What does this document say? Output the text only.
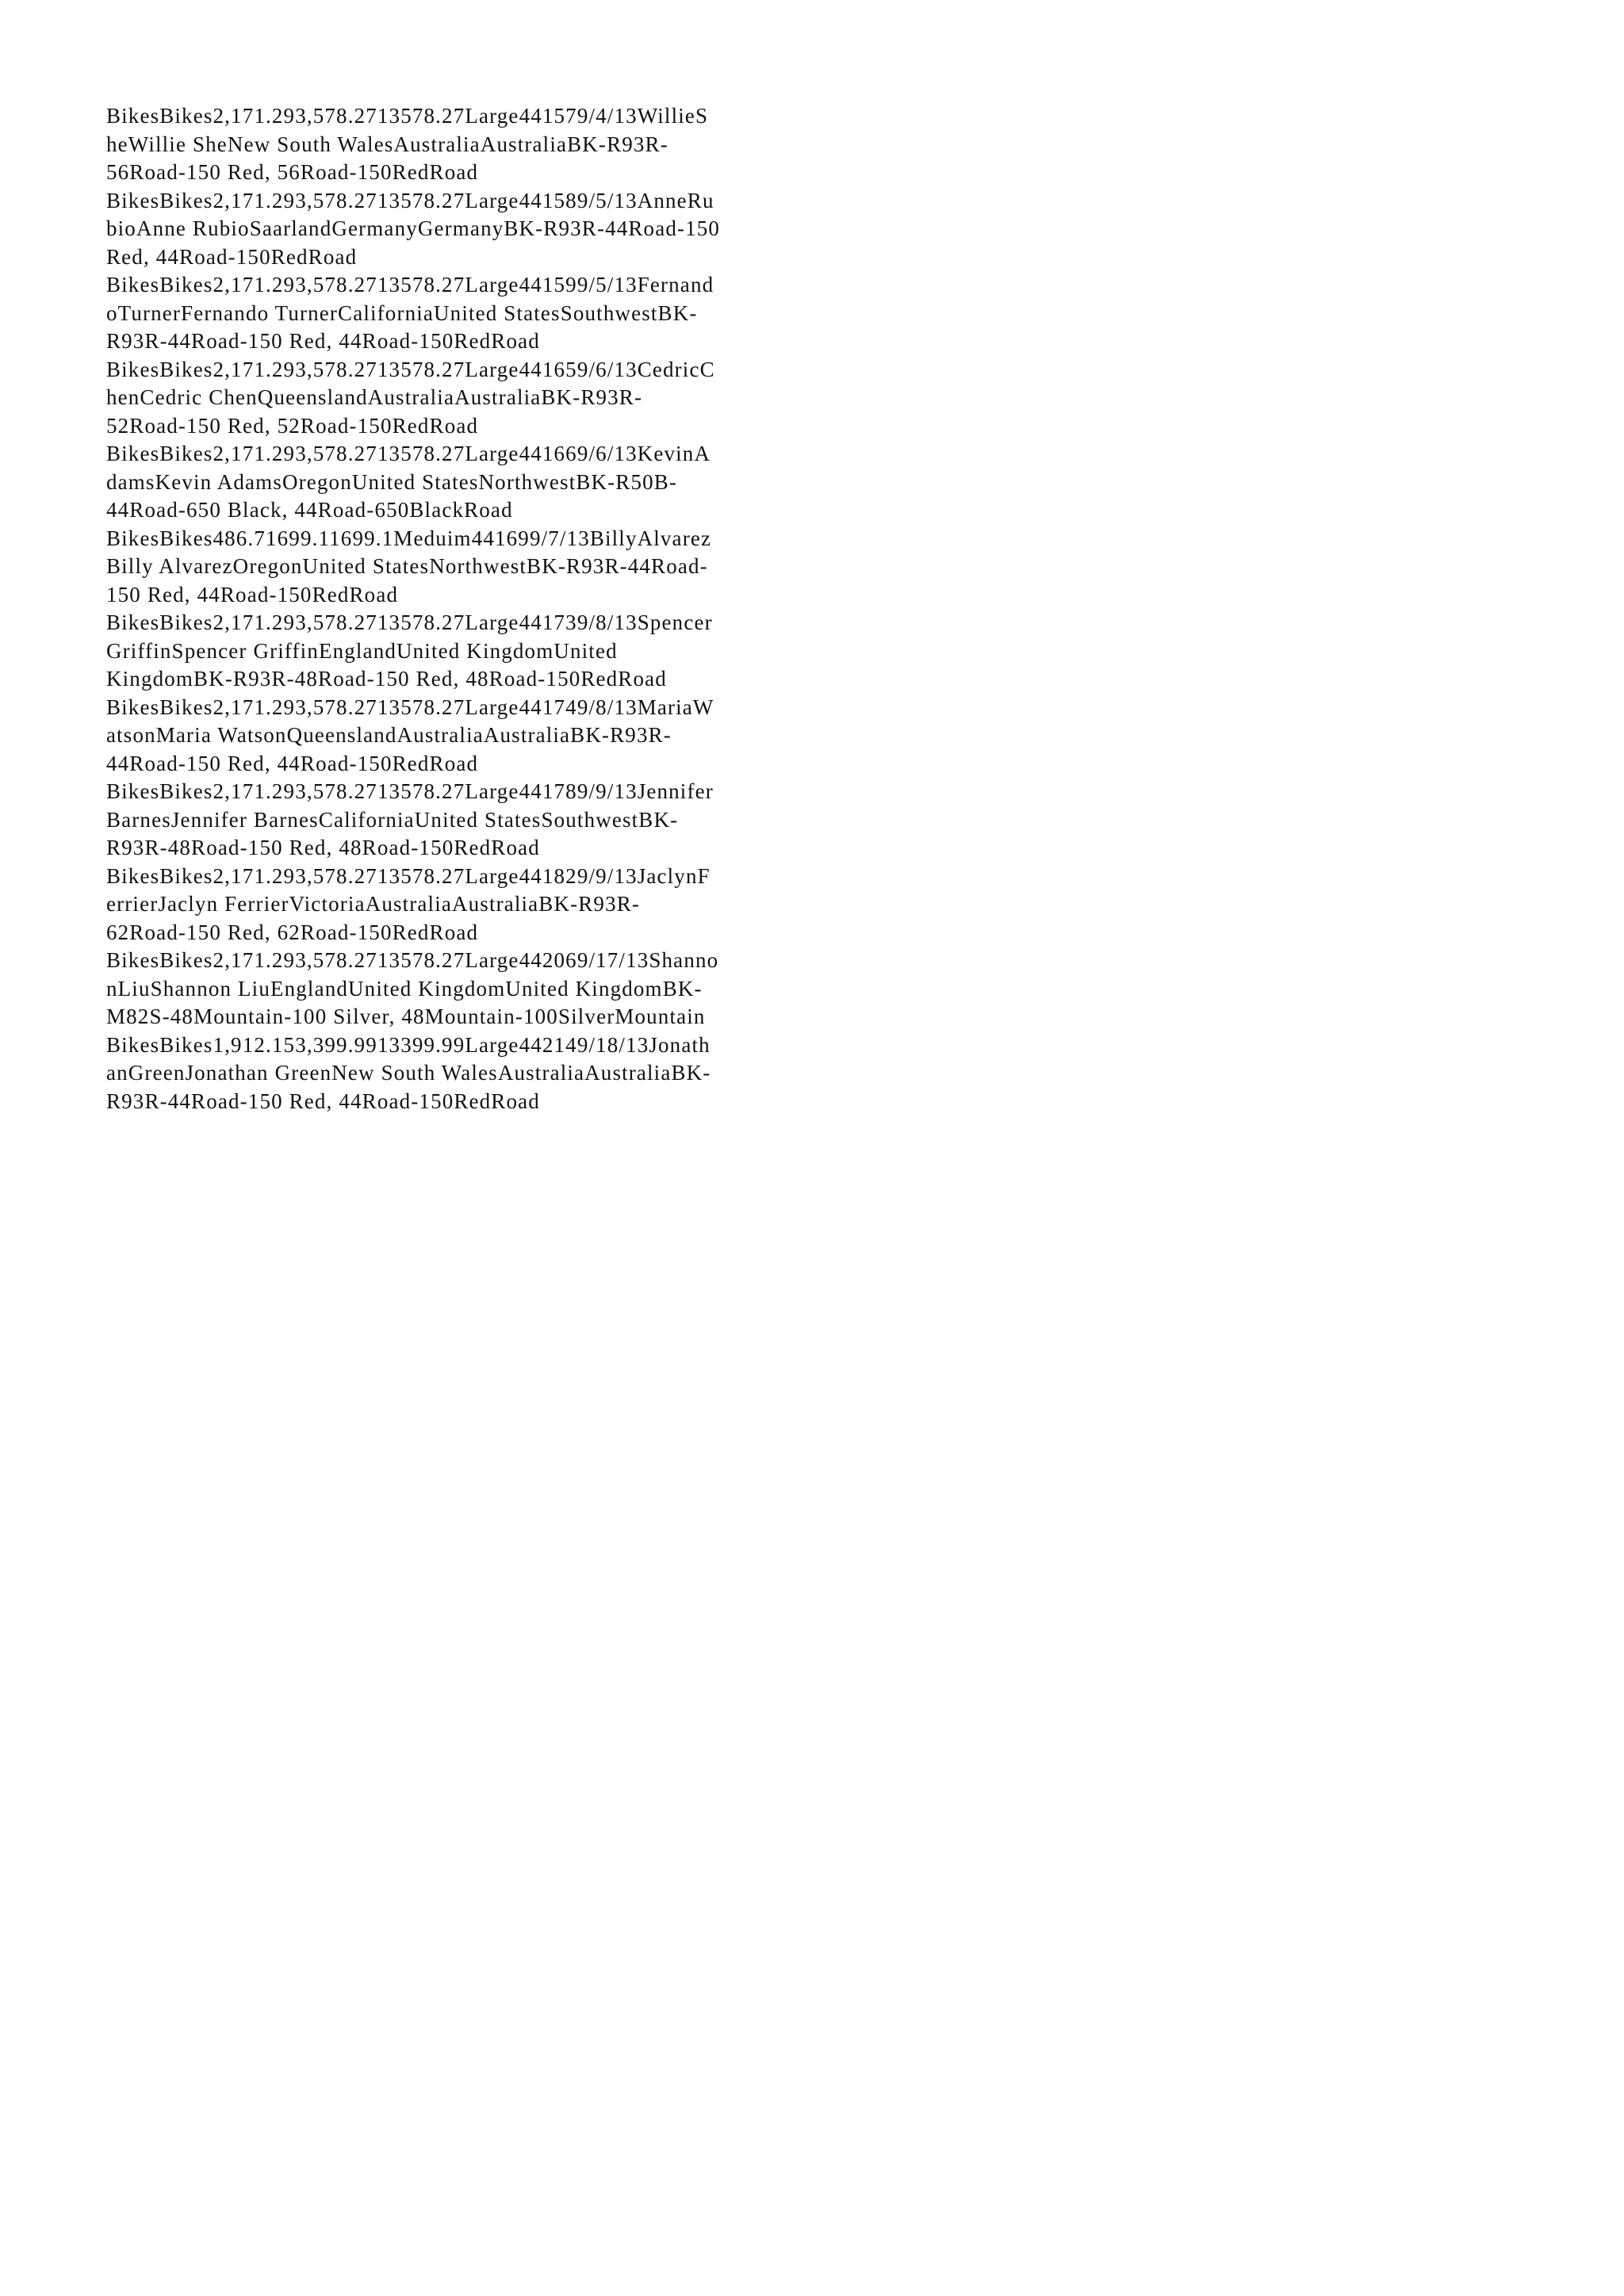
BikesBikes2,171.293,578.2713578.27Large441579/4/13WillieS
heWillie SheNew South WalesAustraliaAustraliaBK-R93R-
56Road-150 Red, 56Road-150RedRoad
BikesBikes2,171.293,578.2713578.27Large441589/5/13AnneRu
bioAnne RubioSaarlandGermanyGermanyBK-R93R-44Road-150
Red, 44Road-150RedRoad
BikesBikes2,171.293,578.2713578.27Large441599/5/13Fernand
oTurnerFernando TurnerCaliforniaUnited StatesSouthwestBK-
R93R-44Road-150 Red, 44Road-150RedRoad
BikesBikes2,171.293,578.2713578.27Large441659/6/13CedricC
henCedric ChenQueenslandAustraliaAustraliaBK-R93R-
52Road-150 Red, 52Road-150RedRoad
BikesBikes2,171.293,578.2713578.27Large441669/6/13KevinA
damsKevin AdamsOregonUnited StatesNorthwestBK-R50B-
44Road-650 Black, 44Road-650BlackRoad
BikesBikes486.71699.11699.1Meduim441699/7/13BillyAlvarez
Billy AlvarezOregonUnited StatesNorthwestBK-R93R-44Road-
150 Red, 44Road-150RedRoad
BikesBikes2,171.293,578.2713578.27Large441739/8/13Spencer
GriffinSpencer GriffinEnglandUnited KingdomUnited
KingdomBK-R93R-48Road-150 Red, 48Road-150RedRoad
BikesBikes2,171.293,578.2713578.27Large441749/8/13MariaW
atsonMaria WatsonQueenslandAustraliaAustraliaBK-R93R-
44Road-150 Red, 44Road-150RedRoad
BikesBikes2,171.293,578.2713578.27Large441789/9/13Jennifer
BarnesJennifer BarnesCaliforniaUnited StatesSouthwestBK-
R93R-48Road-150 Red, 48Road-150RedRoad
BikesBikes2,171.293,578.2713578.27Large441829/9/13JaclynF
errierJaclyn FerrierVictoriaAustraliaAustraliaBK-R93R-
62Road-150 Red, 62Road-150RedRoad
BikesBikes2,171.293,578.2713578.27Large442069/17/13Shanno
nLiuShannon LiuEnglandUnited KingdomUnited KingdomBK-
M82S-48Mountain-100 Silver, 48Mountain-100SilverMountain
BikesBikes1,912.153,399.9913399.99Large442149/18/13Jonath
anGreenJonathan GreenNew South WalesAustraliaAustraliaBK-
R93R-44Road-150 Red, 44Road-150RedRoad
